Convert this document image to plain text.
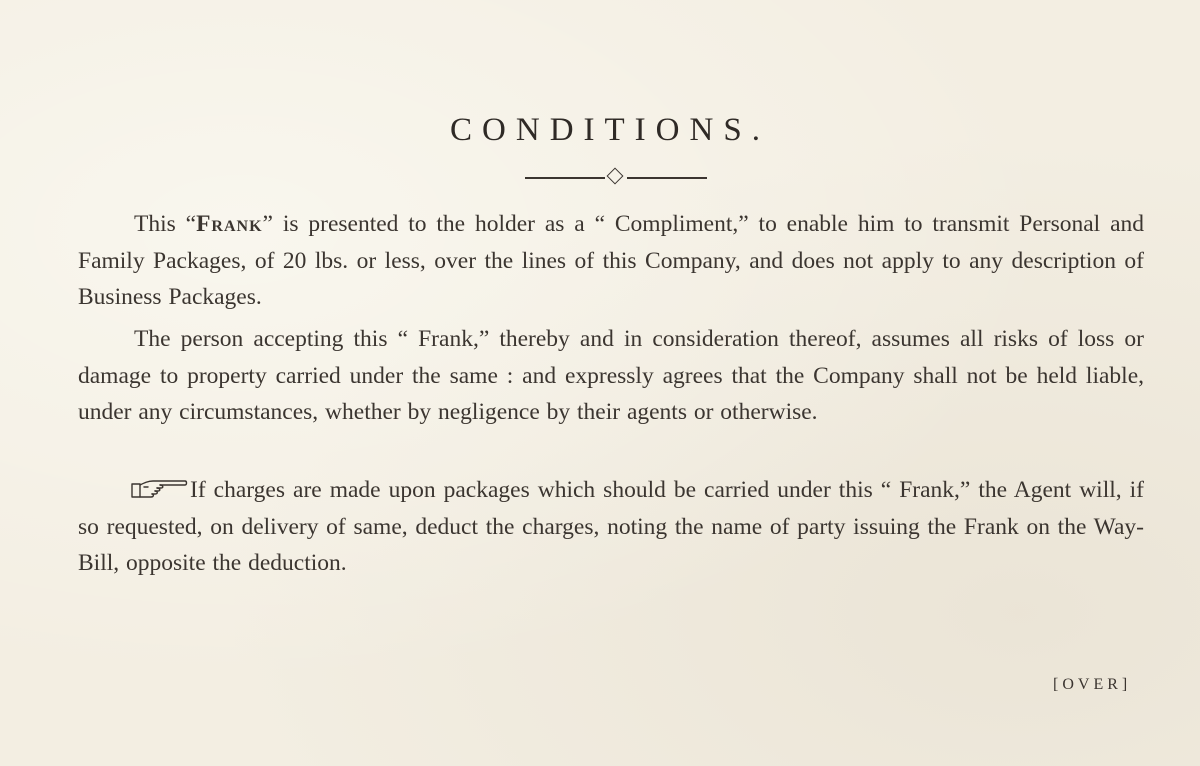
CONDITIONS.
This “Frank” is presented to the holder as a “ Compliment,” to enable him to transmit Personal and Family Packages, of 20 lbs. or less, over the lines of this Company, and does not apply to any description of Business Packages.
The person accepting this “ Frank,” thereby and in consideration thereof, assumes all risks of loss or damage to property carried under the same : and expressly agrees that the Company shall not be held liable, under any circumstances, whether by negligence by their agents or otherwise.
If charges are made upon packages which should be carried under this “ Frank,” the Agent will, if so requested, on delivery of same, deduct the charges, noting the name of party issuing the Frank on the Way-Bill, opposite the deduction.
[OVER]
